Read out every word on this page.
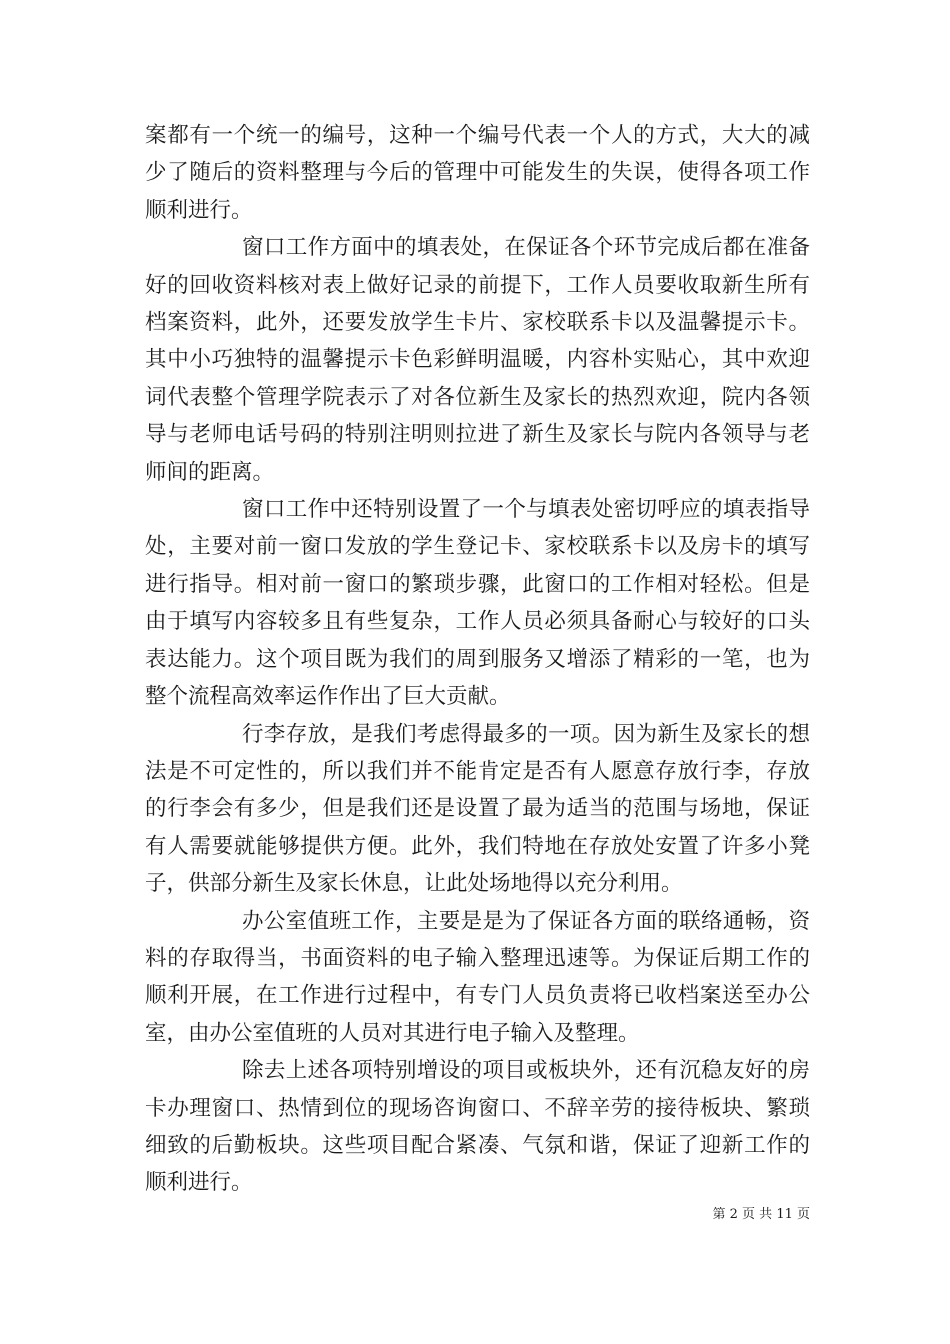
案都有一个统一的编号，这种一个编号代表一个人的方式，大大的减少了随后的资料整理与今后的管理中可能发生的失误，使得各项工作顺利进行。

窗口工作方面中的填表处，在保证各个环节完成后都在准备好的回收资料核对表上做好记录的前提下，工作人员要收取新生所有档案资料，此外，还要发放学生卡片、家校联系卡以及温馨提示卡。其中小巧独特的温馨提示卡色彩鲜明温暖，内容朴实贴心，其中欢迎词代表整个管理学院表示了对各位新生及家长的热烈欢迎，院内各领导与老师电话号码的特别注明则拉进了新生及家长与院内各领导与老师间的距离。

窗口工作中还特别设置了一个与填表处密切呼应的填表指导处，主要对前一窗口发放的学生登记卡、家校联系卡以及房卡的填写进行指导。相对前一窗口的繁琐步骤，此窗口的工作相对轻松。但是由于填写内容较多且有些复杂，工作人员必须具备耐心与较好的口头表达能力。这个项目既为我们的周到服务又增添了精彩的一笔，也为整个流程高效率运作作出了巨大贡献。

行李存放，是我们考虑得最多的一项。因为新生及家长的想法是不可定性的，所以我们并不能肯定是否有人愿意存放行李，存放的行李会有多少，但是我们还是设置了最为适当的范围与场地，保证有人需要就能够提供方便。此外，我们特地在存放处安置了许多小凳子，供部分新生及家长休息，让此处场地得以充分利用。

办公室值班工作，主要是是为了保证各方面的联络通畅，资料的存取得当，书面资料的电子输入整理迅速等。为保证后期工作的顺利开展，在工作进行过程中，有专门人员负责将已收档案送至办公室，由办公室值班的人员对其进行电子输入及整理。

除去上述各项特别增设的项目或板块外，还有沉稳友好的房卡办理窗口、热情到位的现场咨询窗口、不辞辛劳的接待板块、繁琐细致的后勤板块。这些项目配合紧凑、气氛和谐，保证了迎新工作的顺利进行。

第 2 页 共 11 页
